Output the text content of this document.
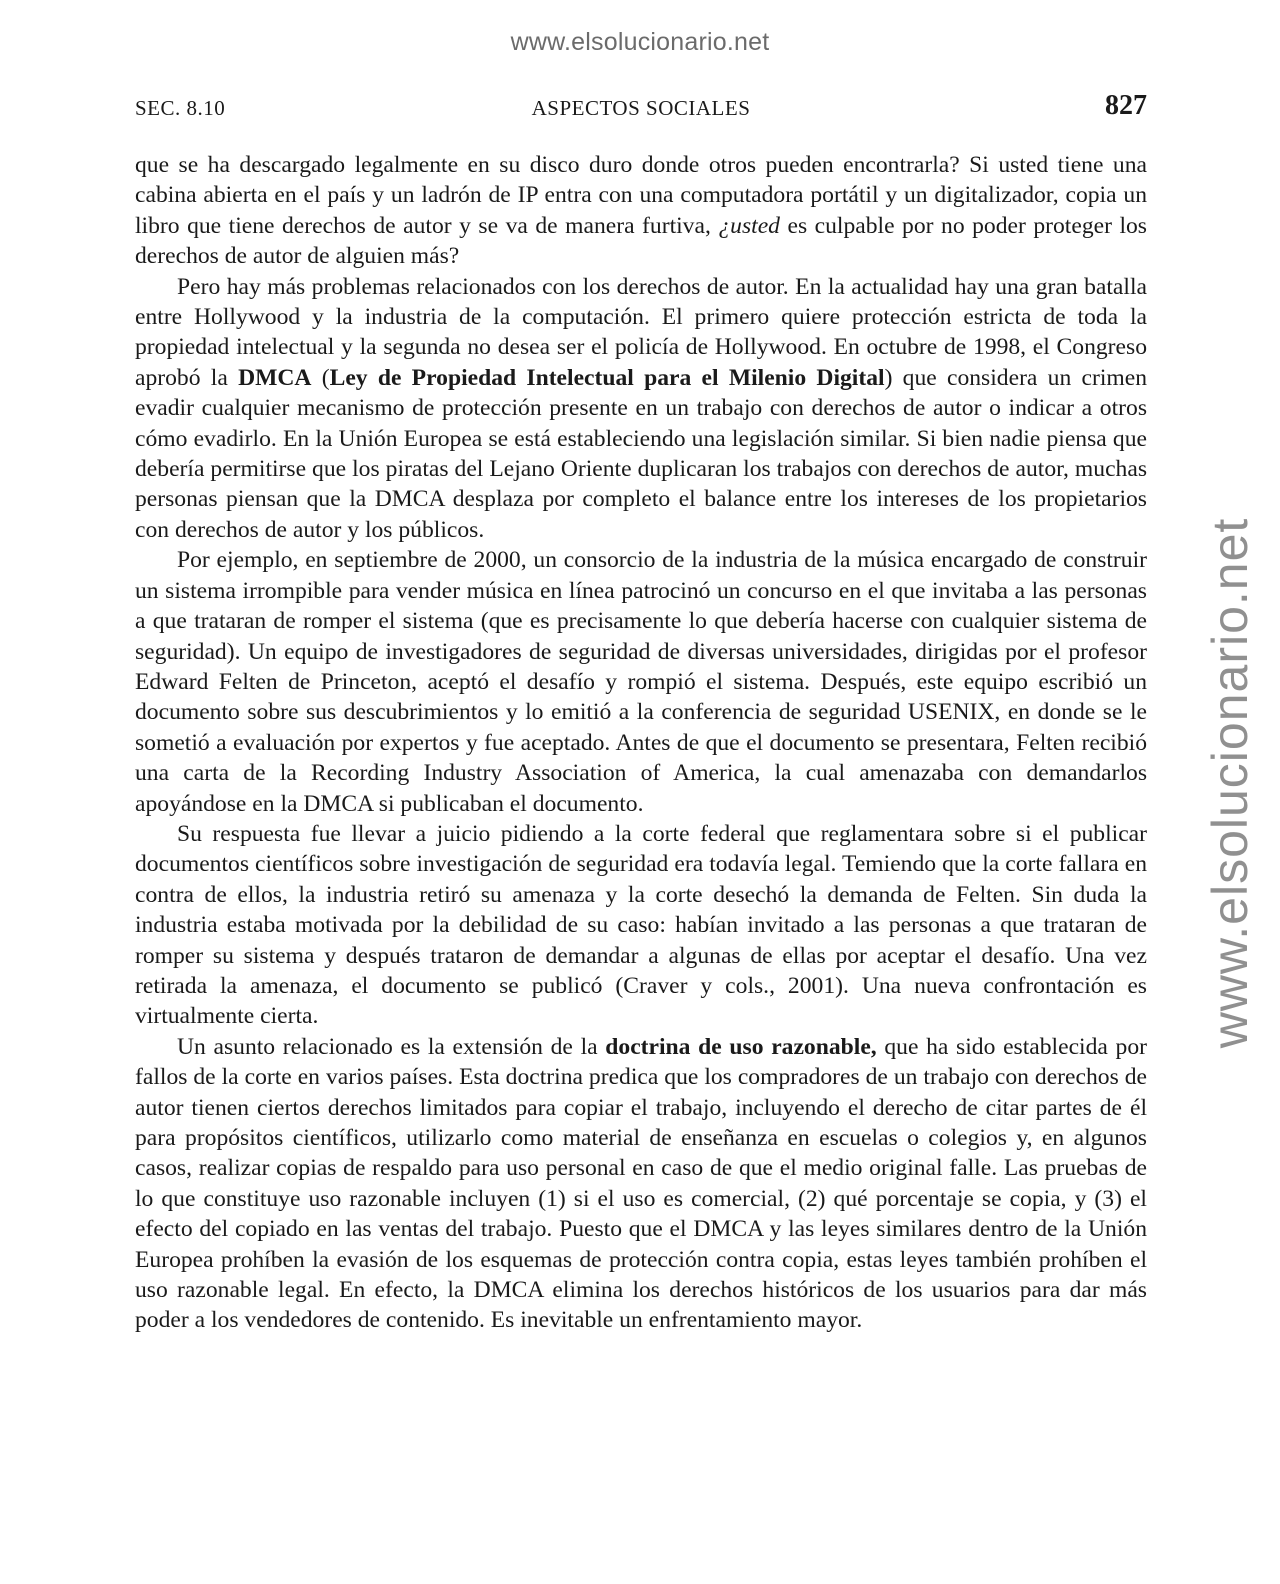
www.elsolucionario.net
www.elsolucionario.net
SEC. 8.10	ASPECTOS SOCIALES	827

que se ha descargado legalmente en su disco duro donde otros pueden encontrarla? Si usted tiene una cabina abierta en el país y un ladrón de IP entra con una computadora portátil y un digitalizador, copia un libro que tiene derechos de autor y se va de manera furtiva, ¿usted es culpable por no poder proteger los derechos de autor de alguien más?

Pero hay más problemas relacionados con los derechos de autor. En la actualidad hay una gran batalla entre Hollywood y la industria de la computación. El primero quiere protección estricta de toda la propiedad intelectual y la segunda no desea ser el policía de Hollywood. En octubre de 1998, el Congreso aprobó la DMCA (Ley de Propiedad Intelectual para el Milenio Digital) que considera un crimen evadir cualquier mecanismo de protección presente en un trabajo con derechos de autor o indicar a otros cómo evadirlo. En la Unión Europea se está estableciendo una legislación similar. Si bien nadie piensa que debería permitirse que los piratas del Lejano Oriente duplicaran los trabajos con derechos de autor, muchas personas piensan que la DMCA desplaza por completo el balance entre los intereses de los propietarios con derechos de autor y los públicos.

Por ejemplo, en septiembre de 2000, un consorcio de la industria de la música encargado de construir un sistema irrompible para vender música en línea patrocinó un concurso en el que invitaba a las personas a que trataran de romper el sistema (que es precisamente lo que debería hacerse con cualquier sistema de seguridad). Un equipo de investigadores de seguridad de diversas universidades, dirigidas por el profesor Edward Felten de Princeton, aceptó el desafío y rompió el sistema. Después, este equipo escribió un documento sobre sus descubrimientos y lo emitió a la conferencia de seguridad USENIX, en donde se le sometió a evaluación por expertos y fue aceptado. Antes de que el documento se presentara, Felten recibió una carta de la Recording Industry Association of America, la cual amenazaba con demandarlos apoyándose en la DMCA si publicaban el documento.

Su respuesta fue llevar a juicio pidiendo a la corte federal que reglamentara sobre si el publicar documentos científicos sobre investigación de seguridad era todavía legal. Temiendo que la corte fallara en contra de ellos, la industria retiró su amenaza y la corte desechó la demanda de Felten. Sin duda la industria estaba motivada por la debilidad de su caso: habían invitado a las personas a que trataran de romper su sistema y después trataron de demandar a algunas de ellas por aceptar el desafío. Una vez retirada la amenaza, el documento se publicó (Craver y cols., 2001). Una nueva confrontación es virtualmente cierta.

Un asunto relacionado es la extensión de la doctrina de uso razonable, que ha sido establecida por fallos de la corte en varios países. Esta doctrina predica que los compradores de un trabajo con derechos de autor tienen ciertos derechos limitados para copiar el trabajo, incluyendo el derecho de citar partes de él para propósitos científicos, utilizarlo como material de enseñanza en escuelas o colegios y, en algunos casos, realizar copias de respaldo para uso personal en caso de que el medio original falle. Las pruebas de lo que constituye uso razonable incluyen (1) si el uso es comercial, (2) qué porcentaje se copia, y (3) el efecto del copiado en las ventas del trabajo. Puesto que el DMCA y las leyes similares dentro de la Unión Europea prohíben la evasión de los esquemas de protección contra copia, estas leyes también prohíben el uso razonable legal. En efecto, la DMCA elimina los derechos históricos de los usuarios para dar más poder a los vendedores de contenido. Es inevitable un enfrentamiento mayor.
